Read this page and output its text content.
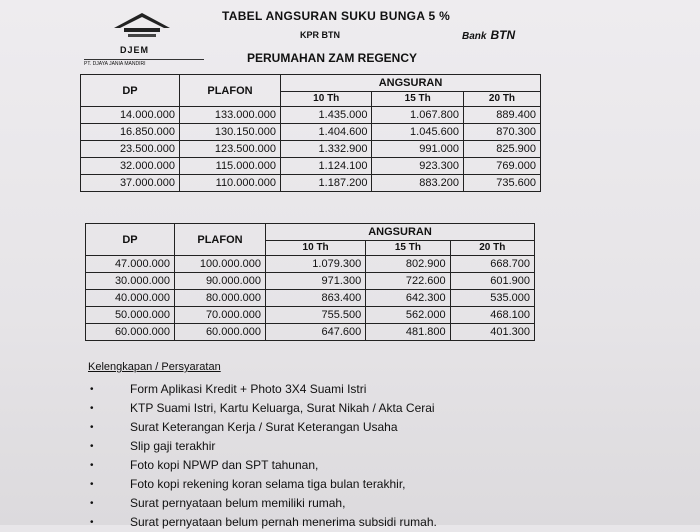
DJEM
PT. DJAYA JANIA MANDIRI
TABEL ANGSURAN SUKU BUNGA 5 %
KPR BTN
PERUMAHAN ZAM REGENCY
Bank BTN
DP	PLAFON	ANGSURAN		
		10 Th	15 Th	20 Th
14.000.000	133.000.000	1.435.000	1.067.800	889.400
16.850.000	130.150.000	1.404.600	1.045.600	870.300
23.500.000	123.500.000	1.332.900	991.000	825.900
32.000.000	115.000.000	1.124.100	923.300	769.000
37.000.000	110.000.000	1.187.200	883.200	735.600
DP	PLAFON	ANGSURAN		
		10 Th	15 Th	20 Th
47.000.000	100.000.000	1.079.300	802.900	668.700
30.000.000	90.000.000	971.300	722.600	601.900
40.000.000	80.000.000	863.400	642.300	535.000
50.000.000	70.000.000	755.500	562.000	468.100
60.000.000	60.000.000	647.600	481.800	401.300
Kelengkapan / Persyaratan
•	Form Aplikasi Kredit + Photo 3X4 Suami Istri
•	KTP Suami Istri, Kartu Keluarga, Surat Nikah / Akta Cerai
•	Surat Keterangan Kerja / Surat Keterangan Usaha
•	Slip gaji terakhir
•	Foto kopi NPWP dan SPT tahunan,
•	Foto kopi rekening koran selama tiga bulan terakhir,
•	Surat pernyataan belum memiliki rumah,
•	Surat pernyataan belum pernah menerima subsidi rumah.
